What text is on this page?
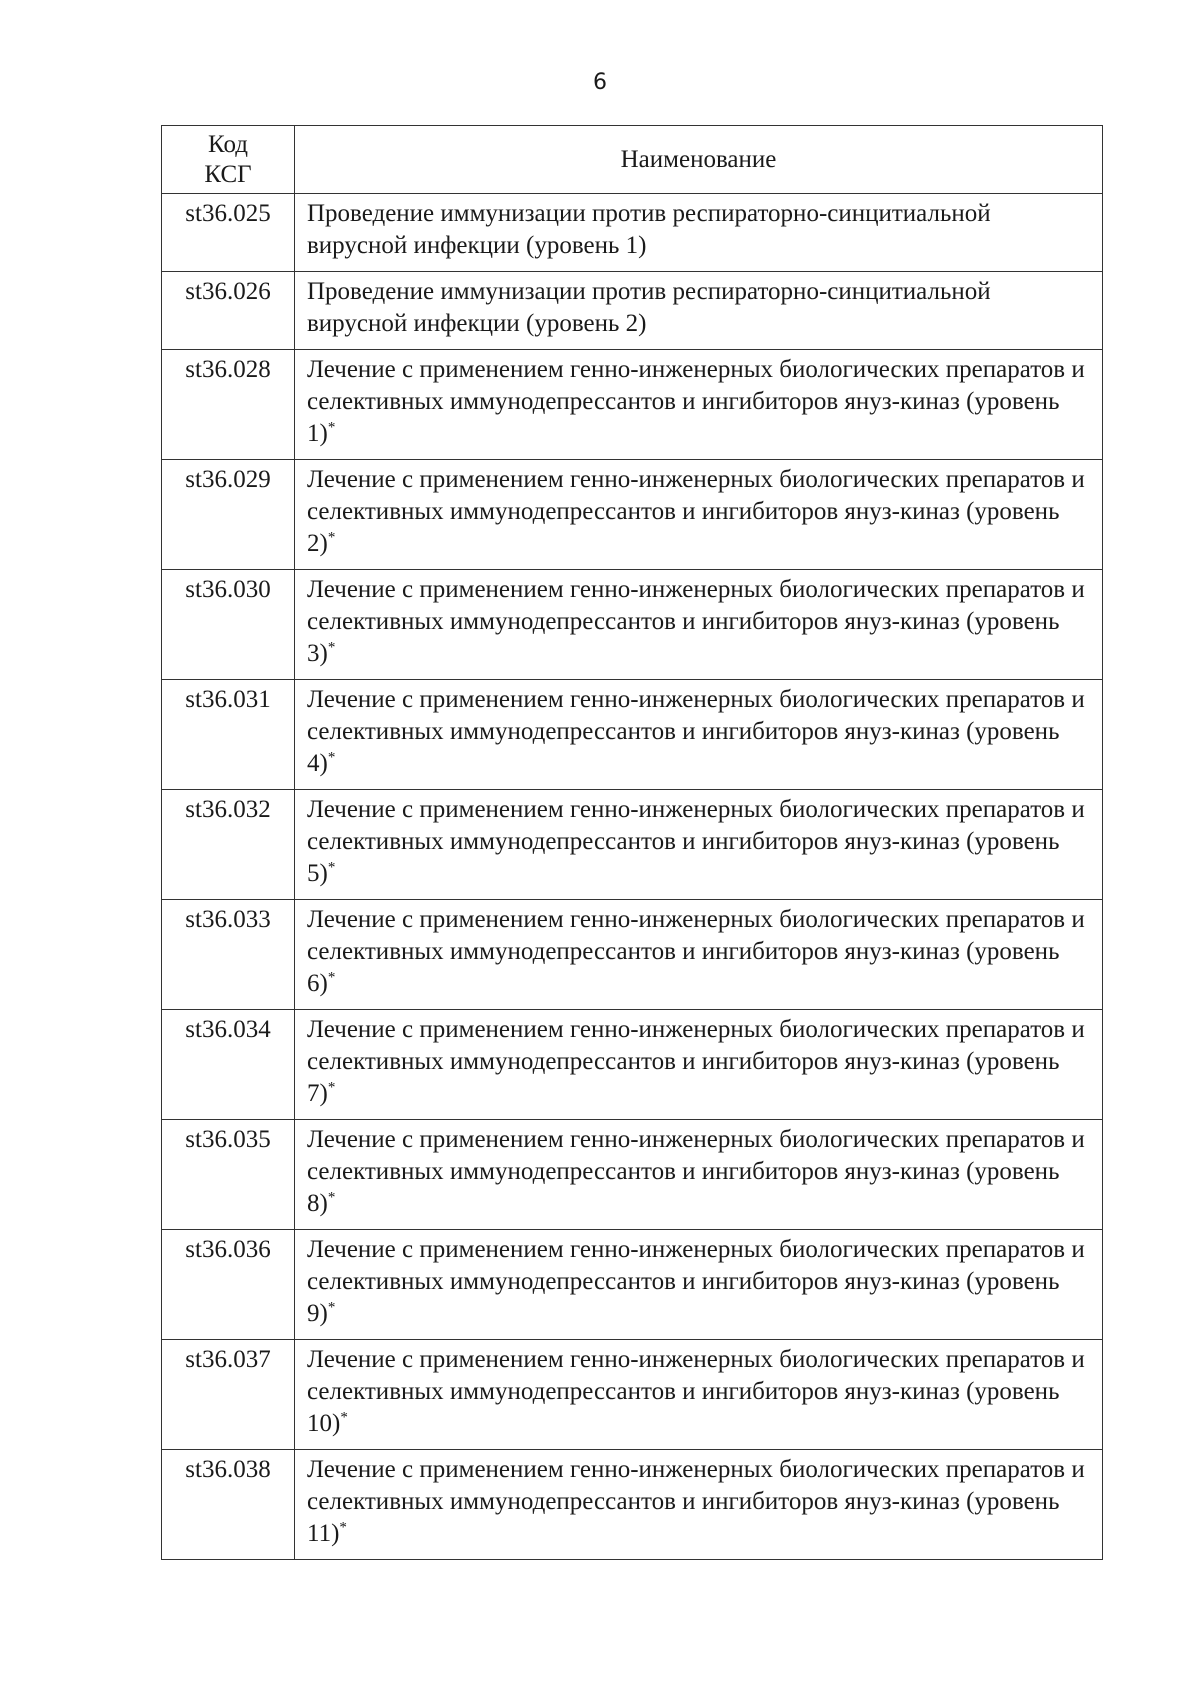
6
Код
КСГ	Наименование
st36.025	Проведение иммунизации против респираторно-синцитиальной вирусной инфекции (уровень 1)
st36.026	Проведение иммунизации против респираторно-синцитиальной вирусной инфекции (уровень 2)
st36.028	Лечение с применением генно-инженерных биологических препаратов и селективных иммунодепрессантов и ингибиторов януз-киназ (уровень 1)*
st36.029	Лечение с применением генно-инженерных биологических препаратов и селективных иммунодепрессантов и ингибиторов януз-киназ (уровень 2)*
st36.030	Лечение с применением генно-инженерных биологических препаратов и селективных иммунодепрессантов и ингибиторов януз-киназ (уровень 3)*
st36.031	Лечение с применением генно-инженерных биологических препаратов и селективных иммунодепрессантов и ингибиторов януз-киназ (уровень 4)*
st36.032	Лечение с применением генно-инженерных биологических препаратов и селективных иммунодепрессантов и ингибиторов януз-киназ (уровень 5)*
st36.033	Лечение с применением генно-инженерных биологических препаратов и селективных иммунодепрессантов и ингибиторов януз-киназ (уровень 6)*
st36.034	Лечение с применением генно-инженерных биологических препаратов и селективных иммунодепрессантов и ингибиторов януз-киназ (уровень 7)*
st36.035	Лечение с применением генно-инженерных биологических препаратов и селективных иммунодепрессантов и ингибиторов януз-киназ (уровень 8)*
st36.036	Лечение с применением генно-инженерных биологических препаратов и селективных иммунодепрессантов и ингибиторов януз-киназ (уровень 9)*
st36.037	Лечение с применением генно-инженерных биологических препаратов и селективных иммунодепрессантов и ингибиторов януз-киназ (уровень 10)*
st36.038	Лечение с применением генно-инженерных биологических препаратов и селективных иммунодепрессантов и ингибиторов януз-киназ (уровень 11)*
